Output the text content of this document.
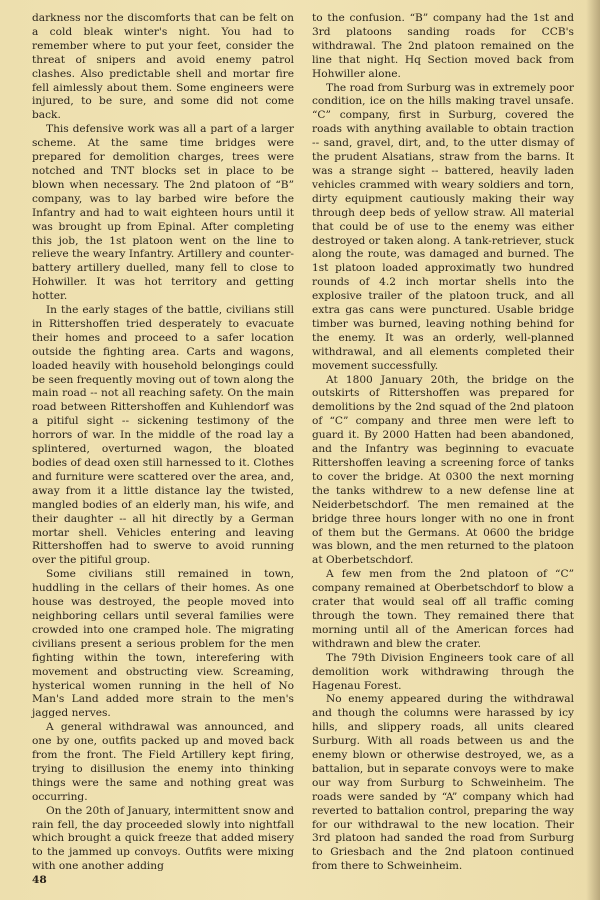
darkness nor the discomforts that can be felt on a cold bleak winter's night. You had to remember where to put your feet, consider the threat of snipers and avoid enemy patrol clashes. Also predictable shell and mortar fire fell aimlessly about them. Some engineers were injured, to be sure, and some did not come back.

This defensive work was all a part of a larger scheme. At the same time bridges were prepared for demolition charges, trees were notched and TNT blocks set in place to be blown when necessary. The 2nd platoon of “B” company, was to lay barbed wire before the Infantry and had to wait eighteen hours until it was brought up from Epinal. After completing this job, the 1st platoon went on the line to relieve the weary Infantry. Artillery and counter-battery artillery duelled, many fell to close to Hohwiller. It was hot territory and getting hotter.

In the early stages of the battle, civilians still in Rittershoffen tried desperately to evacuate their homes and proceed to a safer location outside the fighting area. Carts and wagons, loaded heavily with household belongings could be seen frequently moving out of town along the main road -- not all reaching safety. On the main road between Rittershoffen and Kuhlendorf was a pitiful sight -- sickening testimony of the horrors of war. In the middle of the road lay a splintered, overturned wagon, the bloated bodies of dead oxen still harnessed to it. Clothes and furniture were scattered over the area, and, away from it a little distance lay the twisted, mangled bodies of an elderly man, his wife, and their daughter -- all hit directly by a German mortar shell. Vehicles entering and leaving Rittershoffen had to swerve to avoid running over the pitiful group.

Some civilians still remained in town, huddling in the cellars of their homes. As one house was destroyed, the people moved into neighboring cellars until several families were crowded into one cramped hole. The migrating civilians present a serious problem for the men fighting within the town, interefering with movement and obstructing view. Screaming, hysterical women running in the hell of No Man's Land added more strain to the men's jagged nerves.

A general withdrawal was announced, and one by one, outfits packed up and moved back from the front. The Field Artillery kept firing, trying to disillusion the enemy into thinking things were the same and nothing great was occurring.

On the 20th of January, intermittent snow and rain fell, the day proceeded slowly into nightfall which brought a quick freeze that added misery to the jammed up convoys. Outfits were mixing with one another adding

to the confusion. “B” company had the 1st and 3rd platoons sanding roads for CCB's withdrawal. The 2nd platoon remained on the line that night. Hq Section moved back from Hohwiller alone.

The road from Surburg was in extremely poor condition, ice on the hills making travel unsafe. “C” company, first in Surburg, covered the roads with anything available to obtain traction -- sand, gravel, dirt, and, to the utter dismay of the prudent Alsatians, straw from the barns. It was a strange sight -- battered, heavily laden vehicles crammed with weary soldiers and torn, dirty equipment cautiously making their way through deep beds of yellow straw. All material that could be of use to the enemy was either destroyed or taken along. A tank-retriever, stuck along the route, was damaged and burned. The 1st platoon loaded approximatly two hundred rounds of 4.2 inch mortar shells into the explosive trailer of the platoon truck, and all extra gas cans were punctured. Usable bridge timber was burned, leaving nothing behind for the enemy. It was an orderly, well-planned withdrawal, and all elements completed their movement successfully.

At 1800 January 20th, the bridge on the outskirts of Rittershoffen was prepared for demolitions by the 2nd squad of the 2nd platoon of “C” company and three men were left to guard it. By 2000 Hatten had been abandoned, and the Infantry was beginning to evacuate Rittershoffen leaving a screening force of tanks to cover the bridge. At 0300 the next morning the tanks withdrew to a new defense line at Neiderbetschdorf. The men remained at the bridge three hours longer with no one in front of them but the Germans. At 0600 the bridge was blown, and the men returned to the platoon at Oberbetschdorf.

A few men from the 2nd platoon of “C” company remained at Oberbetschdorf to blow a crater that would seal off all traffic coming through the town. They remained there that morning until all of the American forces had withdrawn and blew the crater.

The 79th Division Engineers took care of all demolition work withdrawing through the Hagenau Forest.

No enemy appeared during the withdrawal and though the columns were harassed by icy hills, and slippery roads, all units cleared Surburg. With all roads between us and the enemy blown or otherwise destroyed, we, as a battalion, but in separate convoys were to make our way from Surburg to Schweinheim. The roads were sanded by “A” company which had reverted to battalion control, preparing the way for our withdrawal to the new location. Their 3rd platoon had sanded the road from Surburg to Griesbach and the 2nd platoon continued from there to Schweinheim.

48
